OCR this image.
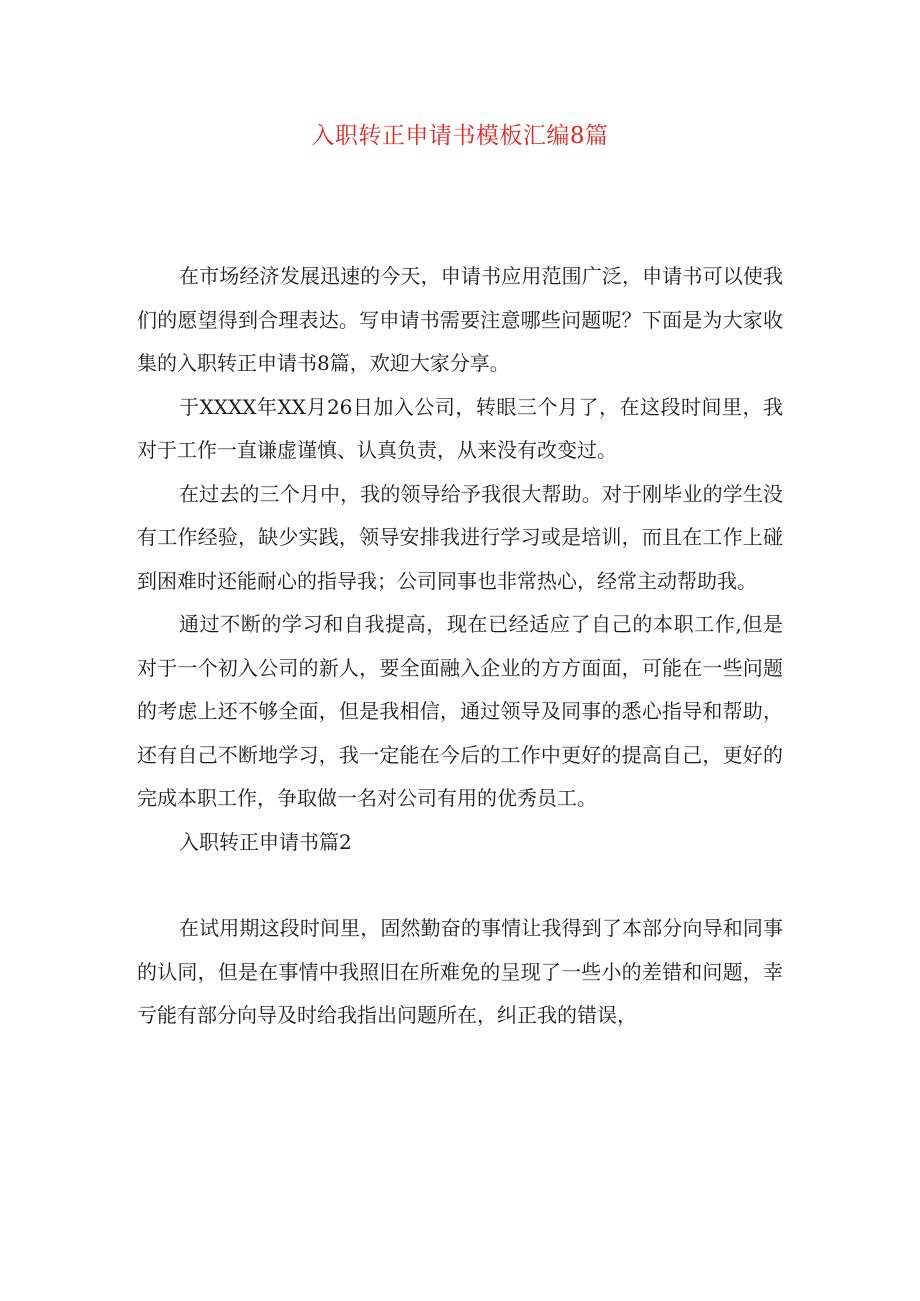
入职转正申请书模板汇编8篇

在市场经济发展迅速的今天，申请书应用范围广泛，申请书可以使我们的愿望得到合理表达。写申请书需要注意哪些问题呢？下面是为大家收集的入职转正申请书8篇，欢迎大家分享。

于XXXX年XX月26日加入公司，转眼三个月了，在这段时间里，我对于工作一直谦虚谨慎、认真负责，从来没有改变过。

在过去的三个月中，我的领导给予我很大帮助。对于刚毕业的学生没有工作经验，缺少实践，领导安排我进行学习或是培训，而且在工作上碰到困难时还能耐心的指导我；公司同事也非常热心，经常主动帮助我。

通过不断的学习和自我提高，现在已经适应了自己的本职工作,但是对于一个初入公司的新人，要全面融入企业的方方面面，可能在一些问题的考虑上还不够全面，但是我相信，通过领导及同事的悉心指导和帮助，还有自己不断地学习，我一定能在今后的工作中更好的提高自己，更好的完成本职工作，争取做一名对公司有用的优秀员工。

入职转正申请书篇2

在试用期这段时间里，固然勤奋的事情让我得到了本部分向导和同事的认同，但是在事情中我照旧在所难免的呈现了一些小的差错和问题，幸亏能有部分向导及时给我指出问题所在，纠正我的错误，
